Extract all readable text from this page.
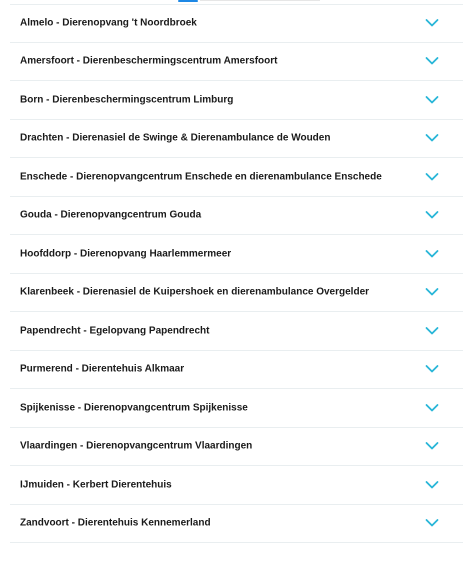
Almelo - Dierenopvang 't Noordbroek
Amersfoort - Dierenbeschermingscentrum Amersfoort
Born - Dierenbeschermingscentrum Limburg
Drachten - Dierenasiel de Swinge & Dierenambulance de Wouden
Enschede - Dierenopvangcentrum Enschede en dierenambulance Enschede
Gouda - Dierenopvangcentrum Gouda
Hoofddorp - Dierenopvang Haarlemmermeer
Klarenbeek - Dierenasiel de Kuipershoek en dierenambulance Overgelder
Papendrecht - Egelopvang Papendrecht
Purmerend - Dierentehuis Alkmaar
Spijkenisse - Dierenopvangcentrum Spijkenisse
Vlaardingen - Dierenopvangcentrum Vlaardingen
IJmuiden - Kerbert Dierentehuis
Zandvoort - Dierentehuis Kennemerland
